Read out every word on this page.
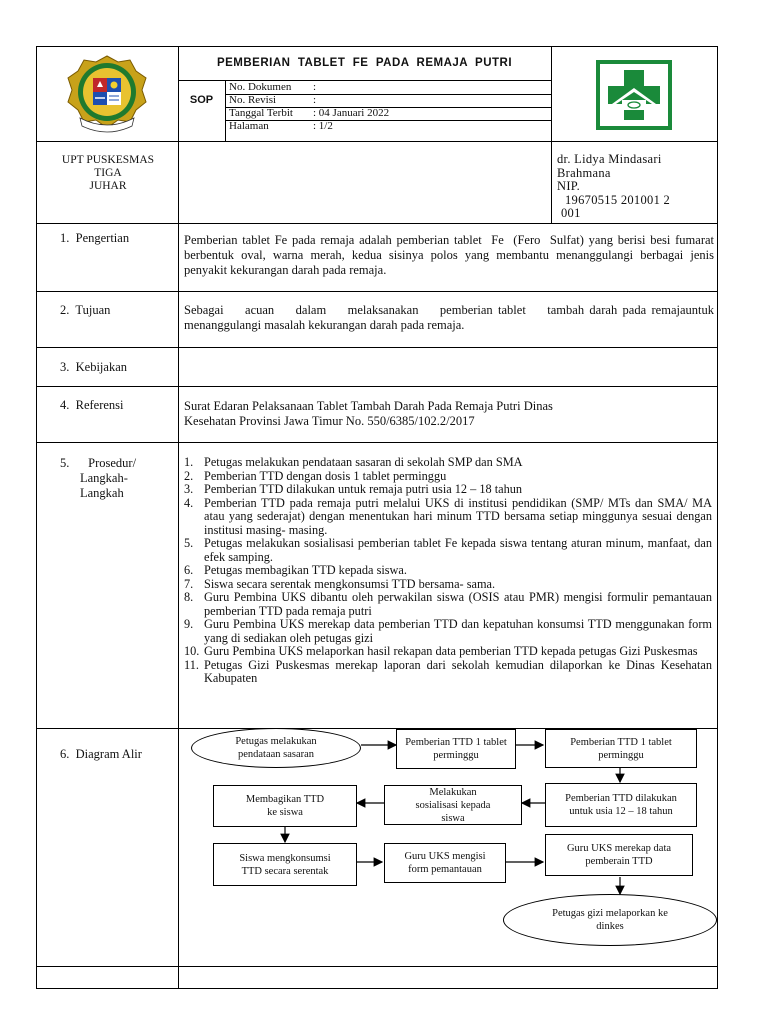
PEMBERIAN  TABLET  FE  PADA  REMAJA  PUTRI
SOP
No. Dokumen :
No. Revisi	:
Tanggal Terbit : 04 Januari 2022
Halaman	: 1/2
UPT PUSKESMAS
TIGA
JUHAR
dr. Lidya Mindasari
Brahmana
NIP.
19670515 201001 2
001
1.  Pengertian
2.  Tujuan
3.  Kebijakan
4.  Referensi
5.      Prosedur/
Langkah-
Langkah
6.  Diagram Alir
Pemberian tablet Fe pada remaja adalah pemberian tablet  Fe  (Fero  Sulfat) yang berisi besi fumarat berbentuk oval, warna merah, kedua sisinya polos yang membantu menanggulangi berbagai jenis penyakit kekurangan darah pada remaja.
Sebagai    acuan    dalam    melaksanakan    pemberian tablet    tambah darah pada remajauntuk menanggulangi masalah kekurangan darah pada remaja.
Surat Edaran Pelaksanaan Tablet Tambah Darah Pada Remaja Putri Dinas
Kesehatan Provinsi Jawa Timur No. 550/6385/102.2/2017
1. Petugas melakukan pendataan sasaran di sekolah SMP dan SMA
2. Pemberian TTD dengan dosis 1 tablet perminggu
3. Pemberian TTD dilakukan untuk remaja putri usia 12 – 18 tahun
4. Pemberian TTD pada remaja putri melalui UKS di institusi pendidikan (SMP/ MTs dan SMA/ MA atau yang sederajat) dengan menentukan hari minum TTD bersama setiap minggunya sesuai dengan institusi masing- masing.
5. Petugas melakukan sosialisasi pemberian tablet Fe kepada siswa tentang aturan minum, manfaat, dan efek samping.
6. Petugas membagikan TTD kepada siswa.
7. Siswa secara serentak mengkonsumsi TTD bersama- sama.
8. Guru Pembina UKS dibantu oleh perwakilan siswa (OSIS atau PMR) mengisi formulir pemantauan pemberian TTD pada remaja putri
9. Guru Pembina UKS merekap data pemberian TTD dan kepatuhan konsumsi TTD menggunakan form yang di sediakan oleh petugas gizi
10. Guru Pembina UKS melaporkan hasil rekapan data pemberian TTD kepada petugas Gizi Puskesmas
11. Petugas Gizi Puskesmas merekap laporan dari sekolah kemudian dilaporkan ke Dinas Kesehatan Kabupaten
Petugas melakukan pendataan sasaran
Pemberian TTD 1 tablet perminggu
Pemberian TTD 1 tablet perminggu
Pemberian TTD dilakukan untuk usia 12 – 18 tahun
Melakukan sosialisasi kepada siswa
Membagikan TTD ke siswa
Siswa mengkonsumsi TTD secara serentak
Guru UKS mengisi form pemantauan
Guru UKS merekap data pemberain TTD
Petugas gizi melaporkan ke dinkes
